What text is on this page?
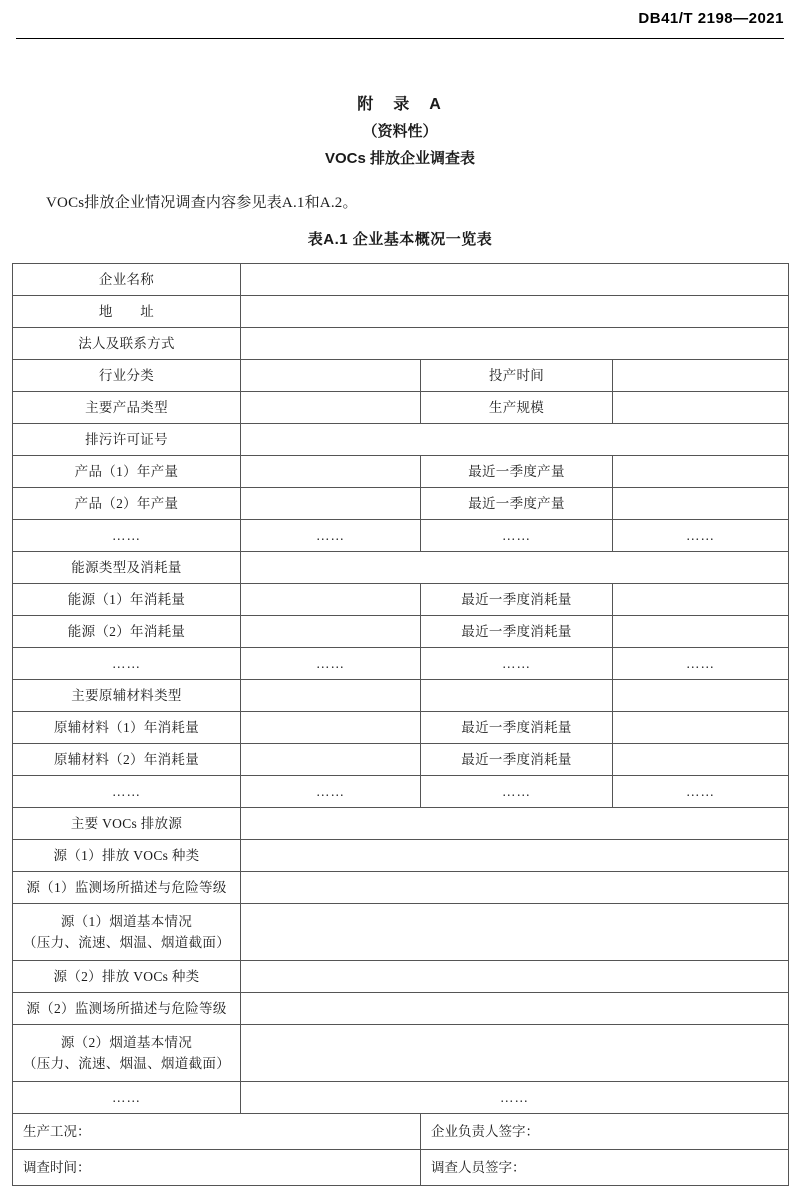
DB41/T 2198—2021
附　录　A
（资料性）
VOCs 排放企业调查表
VOCs排放企业情况调查内容参见表A.1和A.2。
表A.1 企业基本概况一览表
企业名称			
地　　址			
法人及联系方式			
行业分类		投产时间	
主要产品类型		生产规模	
排污许可证号			
产品（1）年产量		最近一季度产量	
产品（2）年产量		最近一季度产量	
……	……	……	……
能源类型及消耗量			
能源（1）年消耗量		最近一季度消耗量	
能源（2）年消耗量		最近一季度消耗量	
……	……	……	……
主要原辅材料类型			
原辅材料（1）年消耗量		最近一季度消耗量	
原辅材料（2）年消耗量		最近一季度消耗量	
……	……	……	……
主要 VOCs 排放源			
源（1）排放 VOCs 种类			
源（1）监测场所描述与危险等级			
源（1）烟道基本情况
（压力、流速、烟温、烟道截面）			
源（2）排放 VOCs 种类			
源（2）监测场所描述与危险等级			
源（2）烟道基本情况
（压力、流速、烟温、烟道截面）			
……	……		
生产工况：		企业负责人签字：	
调查时间：		调查人员签字：	
